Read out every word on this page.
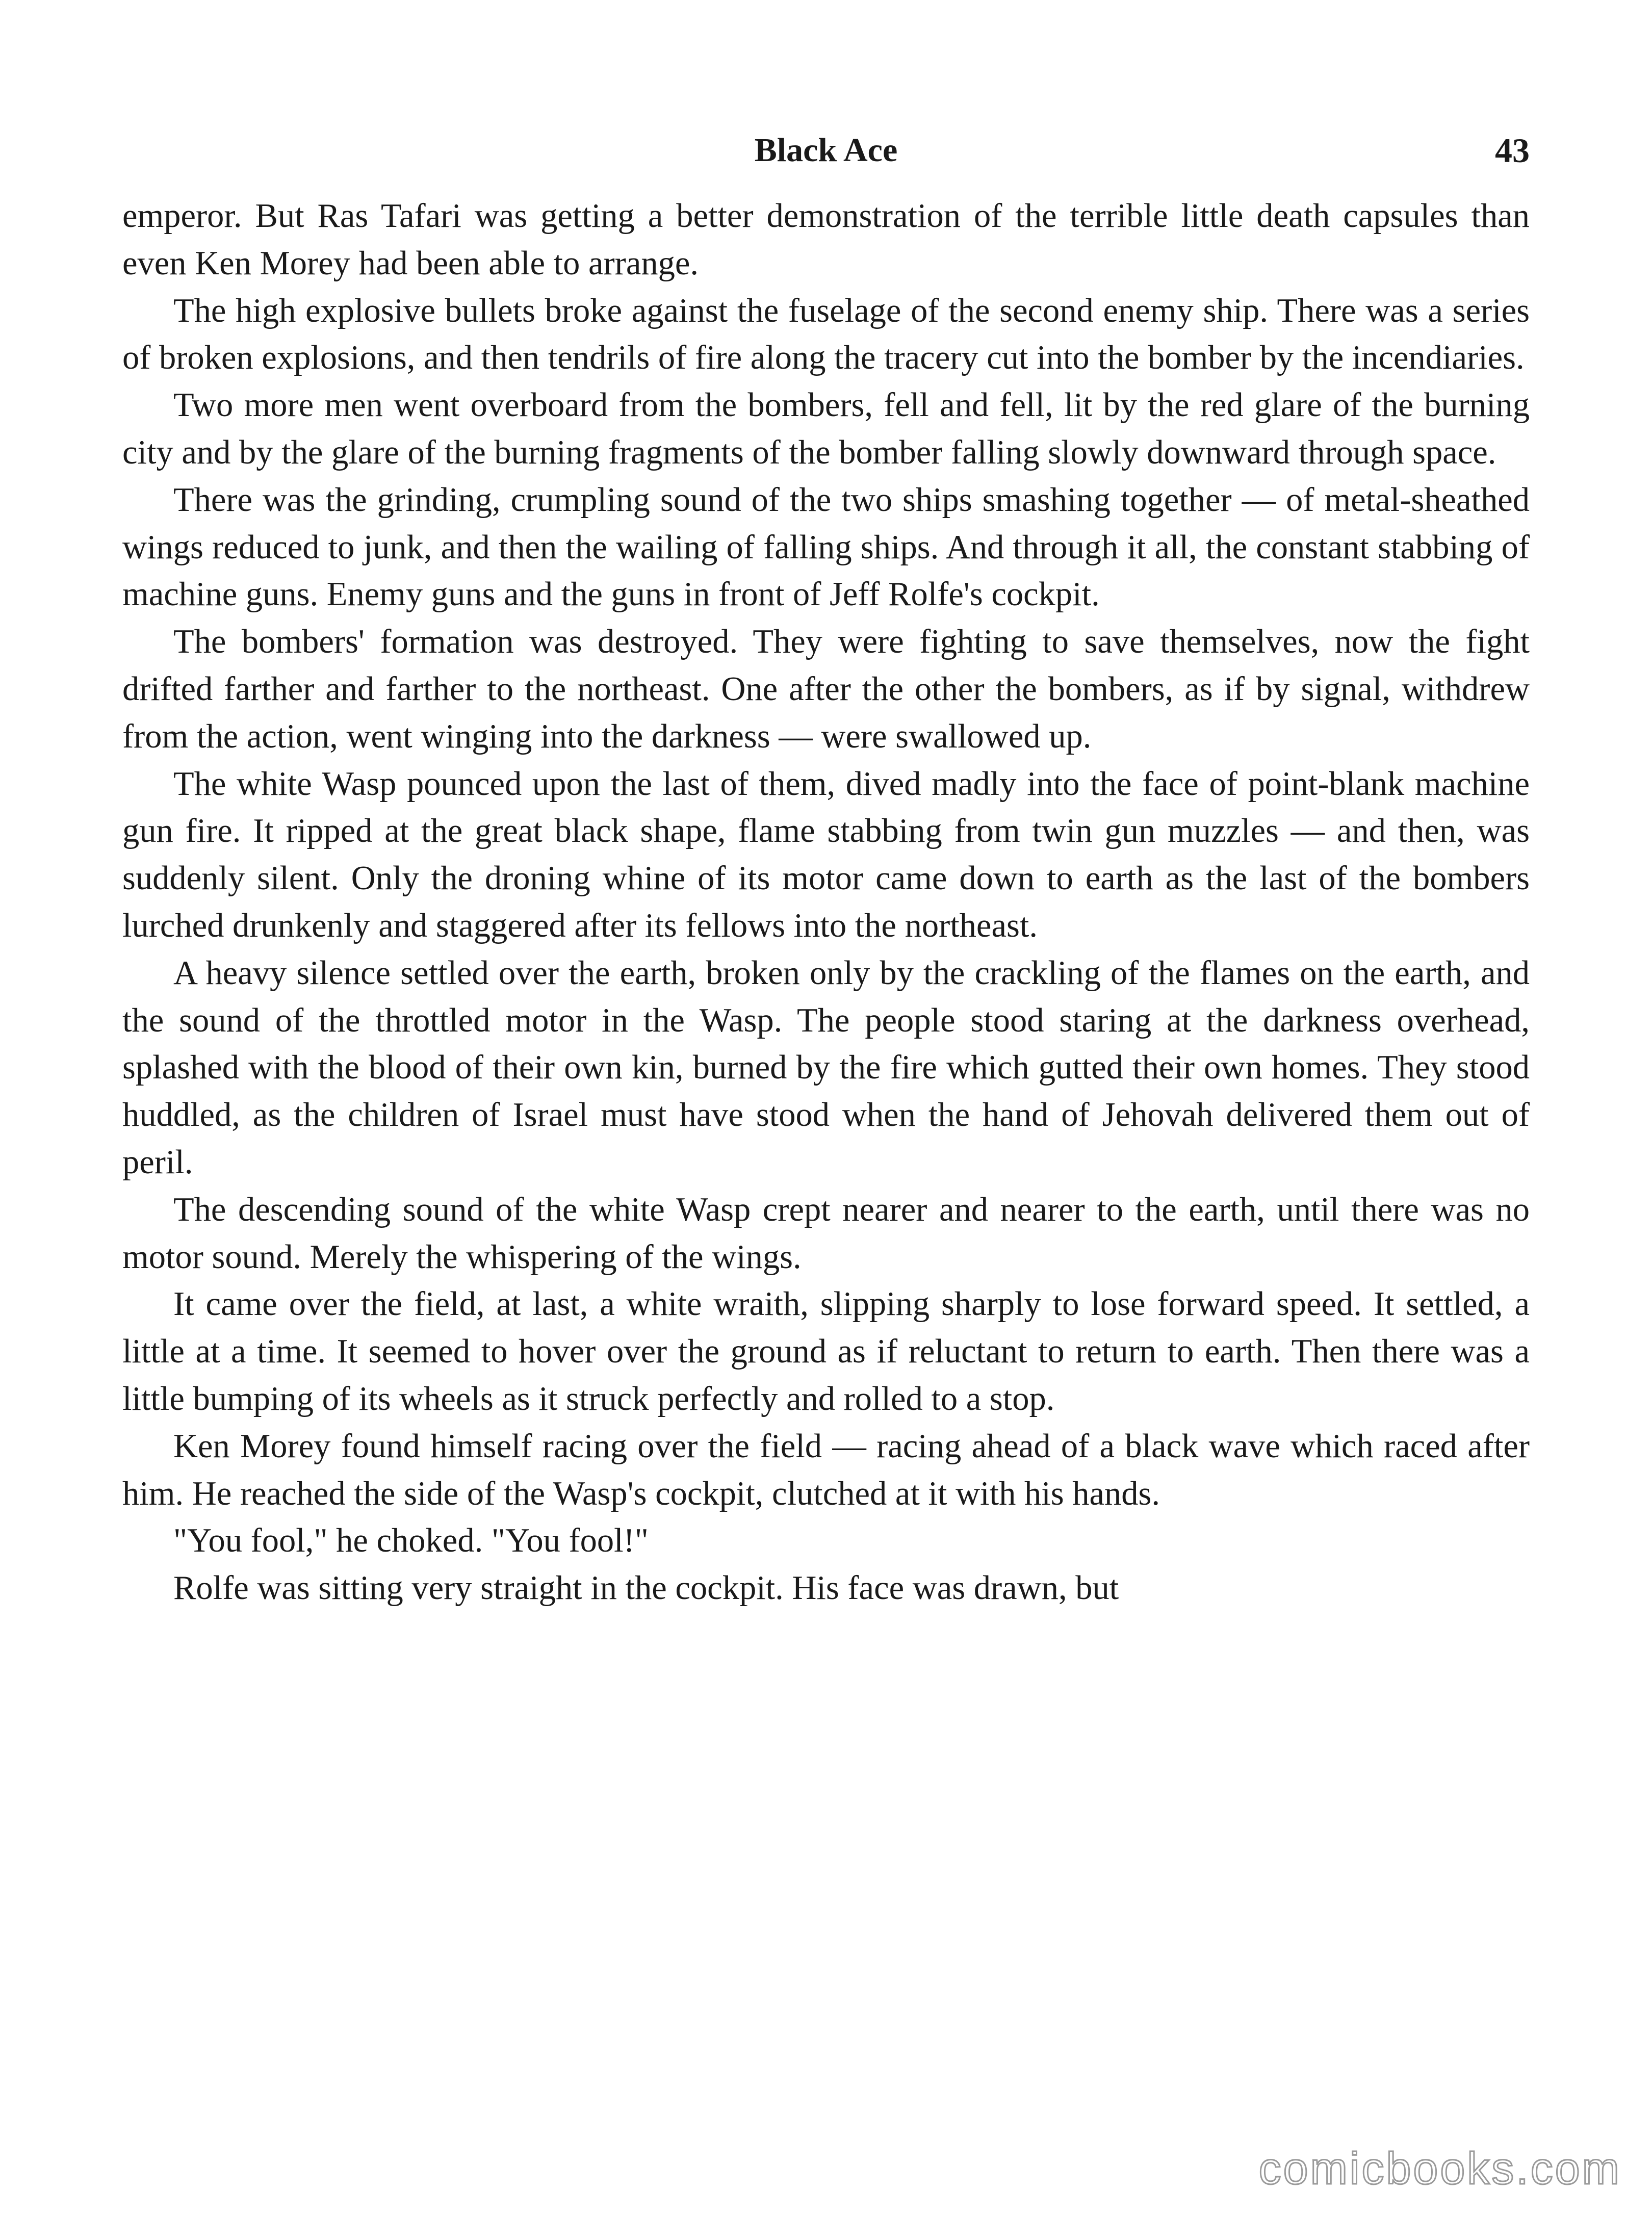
Black Ace	43

emperor. But Ras Tafari was getting a better demonstration of the terrible little death capsules than even Ken Morey had been able to arrange.

The high explosive bullets broke against the fuselage of the second enemy ship. There was a series of broken explosions, and then tendrils of fire along the tracery cut into the bomber by the incendiaries.

Two more men went overboard from the bombers, fell and fell, lit by the red glare of the burning city and by the glare of the burning fragments of the bomber falling slowly downward through space.

There was the grinding, crumpling sound of the two ships smashing together — of metal-sheathed wings reduced to junk, and then the wailing of falling ships. And through it all, the constant stabbing of machine guns. Enemy guns and the guns in front of Jeff Rolfe's cockpit.

The bombers' formation was destroyed. They were fighting to save themselves, now the fight drifted farther and farther to the northeast. One after the other the bombers, as if by signal, withdrew from the action, went winging into the darkness — were swallowed up.

The white Wasp pounced upon the last of them, dived madly into the face of point-blank machine gun fire. It ripped at the great black shape, flame stabbing from twin gun muzzles — and then, was suddenly silent. Only the droning whine of its motor came down to earth as the last of the bombers lurched drunkenly and staggered after its fellows into the northeast.

A heavy silence settled over the earth, broken only by the crackling of the flames on the earth, and the sound of the throttled motor in the Wasp. The people stood staring at the darkness overhead, splashed with the blood of their own kin, burned by the fire which gutted their own homes. They stood huddled, as the children of Israel must have stood when the hand of Jehovah delivered them out of peril.

The descending sound of the white Wasp crept nearer and nearer to the earth, until there was no motor sound. Merely the whispering of the wings.

It came over the field, at last, a white wraith, slipping sharply to lose forward speed. It settled, a little at a time. It seemed to hover over the ground as if reluctant to return to earth. Then there was a little bumping of its wheels as it struck perfectly and rolled to a stop.

Ken Morey found himself racing over the field — racing ahead of a black wave which raced after him. He reached the side of the Wasp's cockpit, clutched at it with his hands.

"You fool," he choked. "You fool!"

Rolfe was sitting very straight in the cockpit. His face was drawn, but

comicbooks.com
